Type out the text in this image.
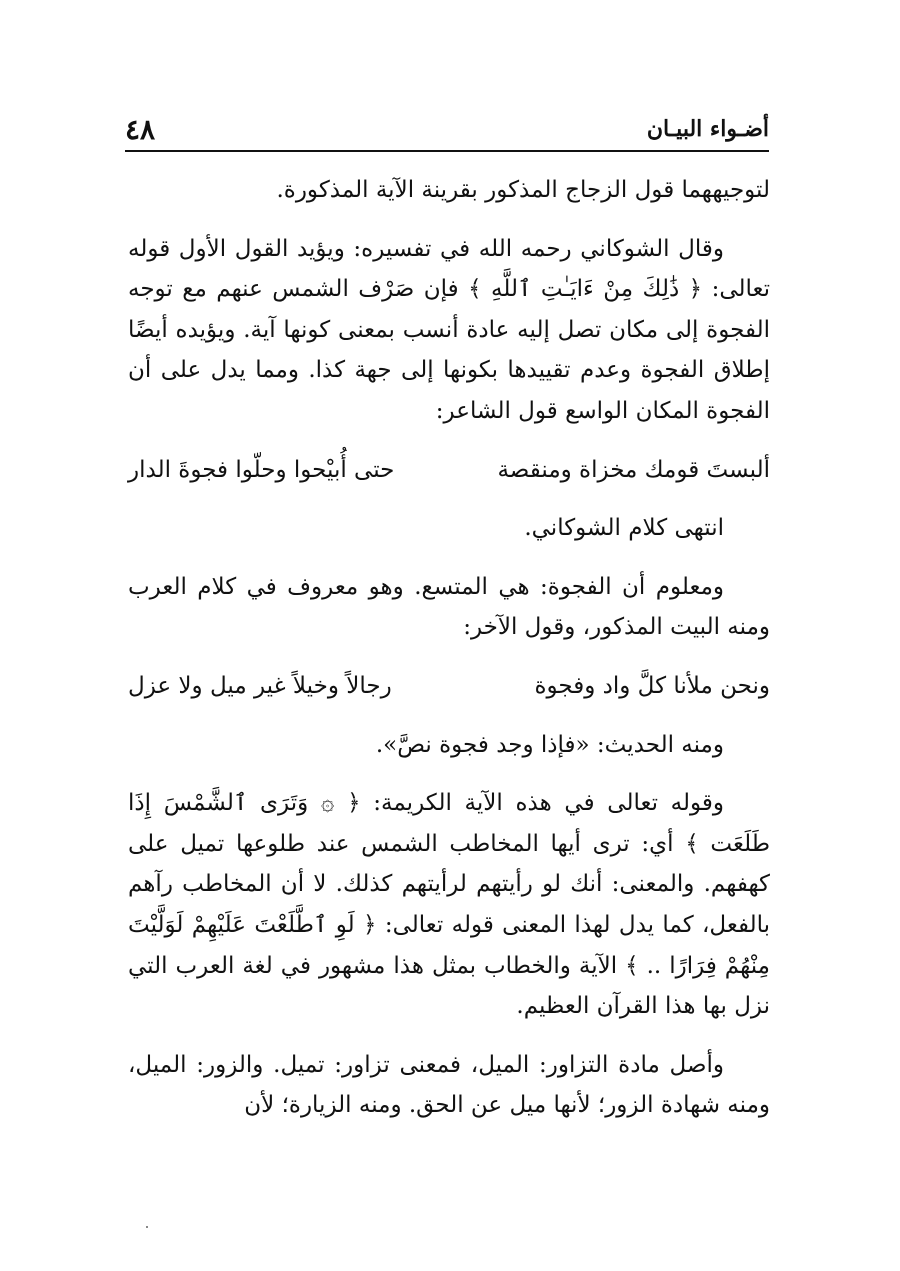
٤٨	أضـواء البيـان

لتوجيههما قول الزجاج المذكور بقرينة الآية المذكورة.

وقال الشوكاني رحمه الله في تفسيره: ويؤيد القول الأول قوله تعالى: ﴿ ذَٰلِكَ مِنْ ءَايَـٰتِ ٱللَّهِ ﴾ فإن صَرْف الشمس عنهم مع توجه الفجوة إلى مكان تصل إليه عادة أنسب بمعنى كونها آية. ويؤيده أيضًا إطلاق الفجوة وعدم تقييدها بكونها إلى جهة كذا. ومما يدل على أن الفجوة المكان الواسع قول الشاعر:

ألبستَ قومك مخزاة ومنقصة
حتى أُبيْحوا وحلّوا فجوةَ الدار

انتهى كلام الشوكاني.

ومعلوم أن الفجوة: هي المتسع. وهو معروف في كلام العرب ومنه البيت المذكور، وقول الآخر:

ونحن ملأنا كلَّ واد وفجوة
رجالاً وخيلاً غير ميل ولا عزل

ومنه الحديث: «فإذا وجد فجوة نصَّ».

وقوله تعالى في هذه الآية الكريمة: ﴿ ۞ وَتَرَى ٱلشَّمْسَ إِذَا طَلَعَت ﴾ أي: ترى أيها المخاطب الشمس عند طلوعها تميل على كهفهم. والمعنى: أنك لو رأيتهم لرأيتهم كذلك. لا أن المخاطب رآهم بالفعل، كما يدل لهذا المعنى قوله تعالى: ﴿ لَوِ ٱطَّلَعْتَ عَلَيْهِمْ لَوَلَّيْتَ مِنْهُمْ فِرَارًا .. ﴾ الآية والخطاب بمثل هذا مشهور في لغة العرب التي نزل بها هذا القرآن العظيم.

وأصل مادة التزاور: الميل، فمعنى تزاور: تميل. والزور: الميل، ومنه شهادة الزور؛ لأنها ميل عن الحق. ومنه الزيارة؛ لأن
